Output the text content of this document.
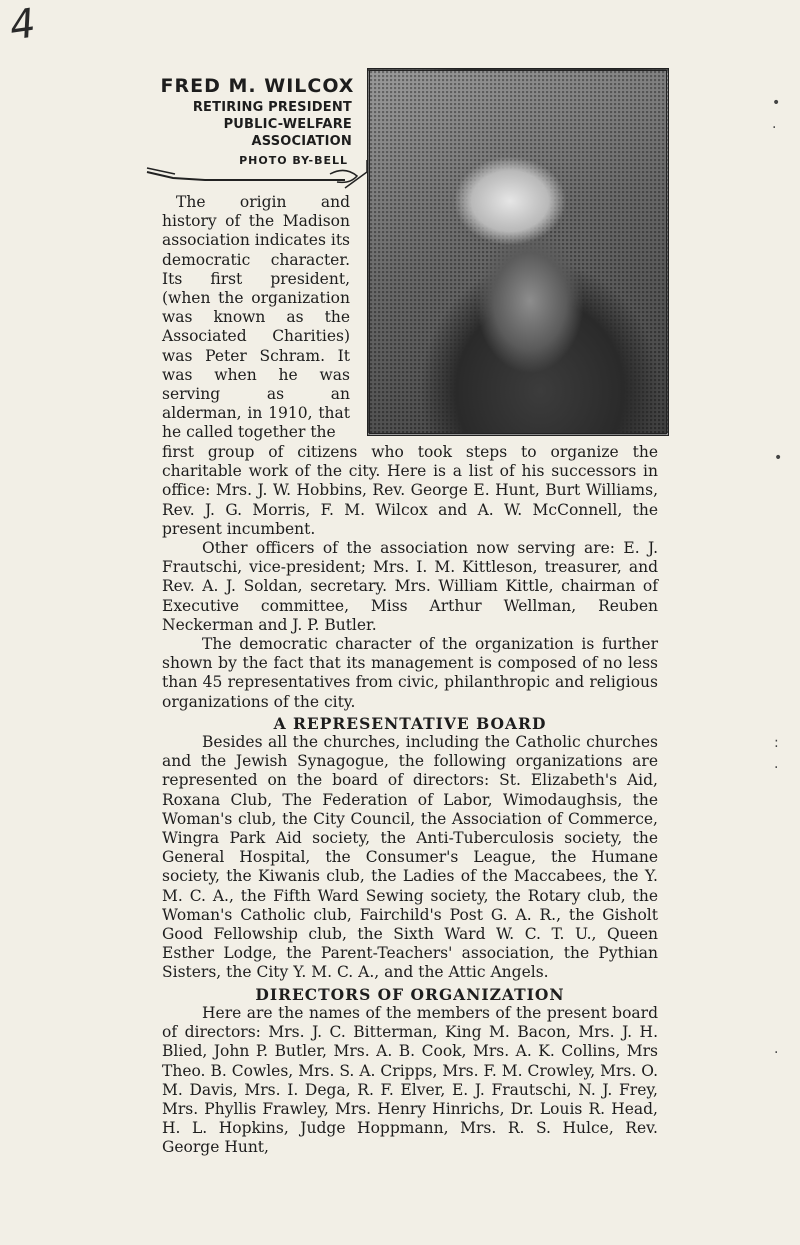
4
FRED M. WILCOX
RETIRING PRESIDENT
PUBLIC-WELFARE ASSOCIATION
PHOTO BY-BELL

The origin and history of the Madison association indicates its democratic character. Its first president, (when the organization was known as the Associated Charities) was Peter Schram. It was when he was serving as an alderman, in 1910, that he called together the

first group of citizens who took steps to organize the charitable work of the city. Here is a list of his successors in office: Mrs. J. W. Hobbins, Rev. George E. Hunt, Burt Williams, Rev. J. G. Morris, F. M. Wilcox and A. W. McConnell, the present incumbent.

Other officers of the association now serving are: E. J. Frautschi, vice-president; Mrs. I. M. Kittleson, treasurer, and Rev. A. J. Soldan, secretary. Mrs. William Kittle, chairman of Executive committee, Miss Arthur Wellman, Reuben Neckerman and J. P. Butler.

The democratic character of the organization is further shown by the fact that its management is composed of no less than 45 representatives from civic, philanthropic and religious organizations of the city.

A REPRESENTATIVE BOARD

Besides all the churches, including the Catholic churches and the Jewish Synagogue, the following organizations are represented on the board of directors: St. Elizabeth's Aid, Roxana Club, The Federation of Labor, Wimodaughsis, the Woman's club, the City Council, the Association of Commerce, Wingra Park Aid society, the Anti-Tuberculosis society, the General Hospital, the Consumer's League, the Humane society, the Kiwanis club, the Ladies of the Maccabees, the Y. M. C. A., the Fifth Ward Sewing society, the Rotary club, the Woman's Catholic club, Fairchild's Post G. A. R., the Gisholt Good Fellowship club, the Sixth Ward W. C. T. U., Queen Esther Lodge, the Parent-Teachers' association, the Pythian Sisters, the City Y. M. C. A., and the Attic Angels.

DIRECTORS OF ORGANIZATION

Here are the names of the members of the present board of directors: Mrs. J. C. Bitterman, King M. Bacon, Mrs. J. H. Blied, John P. Butler, Mrs. A. B. Cook, Mrs. A. K. Collins, Mrs Theo. B. Cowles, Mrs. S. A. Cripps, Mrs. F. M. Crowley, Mrs. O. M. Davis, Mrs. I. Dega, R. F. Elver, E. J. Frautschi, N. J. Frey, Mrs. Phyllis Frawley, Mrs. Henry Hinrichs, Dr. Louis R. Head, H. L. Hopkins, Judge Hoppmann, Mrs. R. S. Hulce, Rev. George Hunt,

•
·
•
:
·
·
